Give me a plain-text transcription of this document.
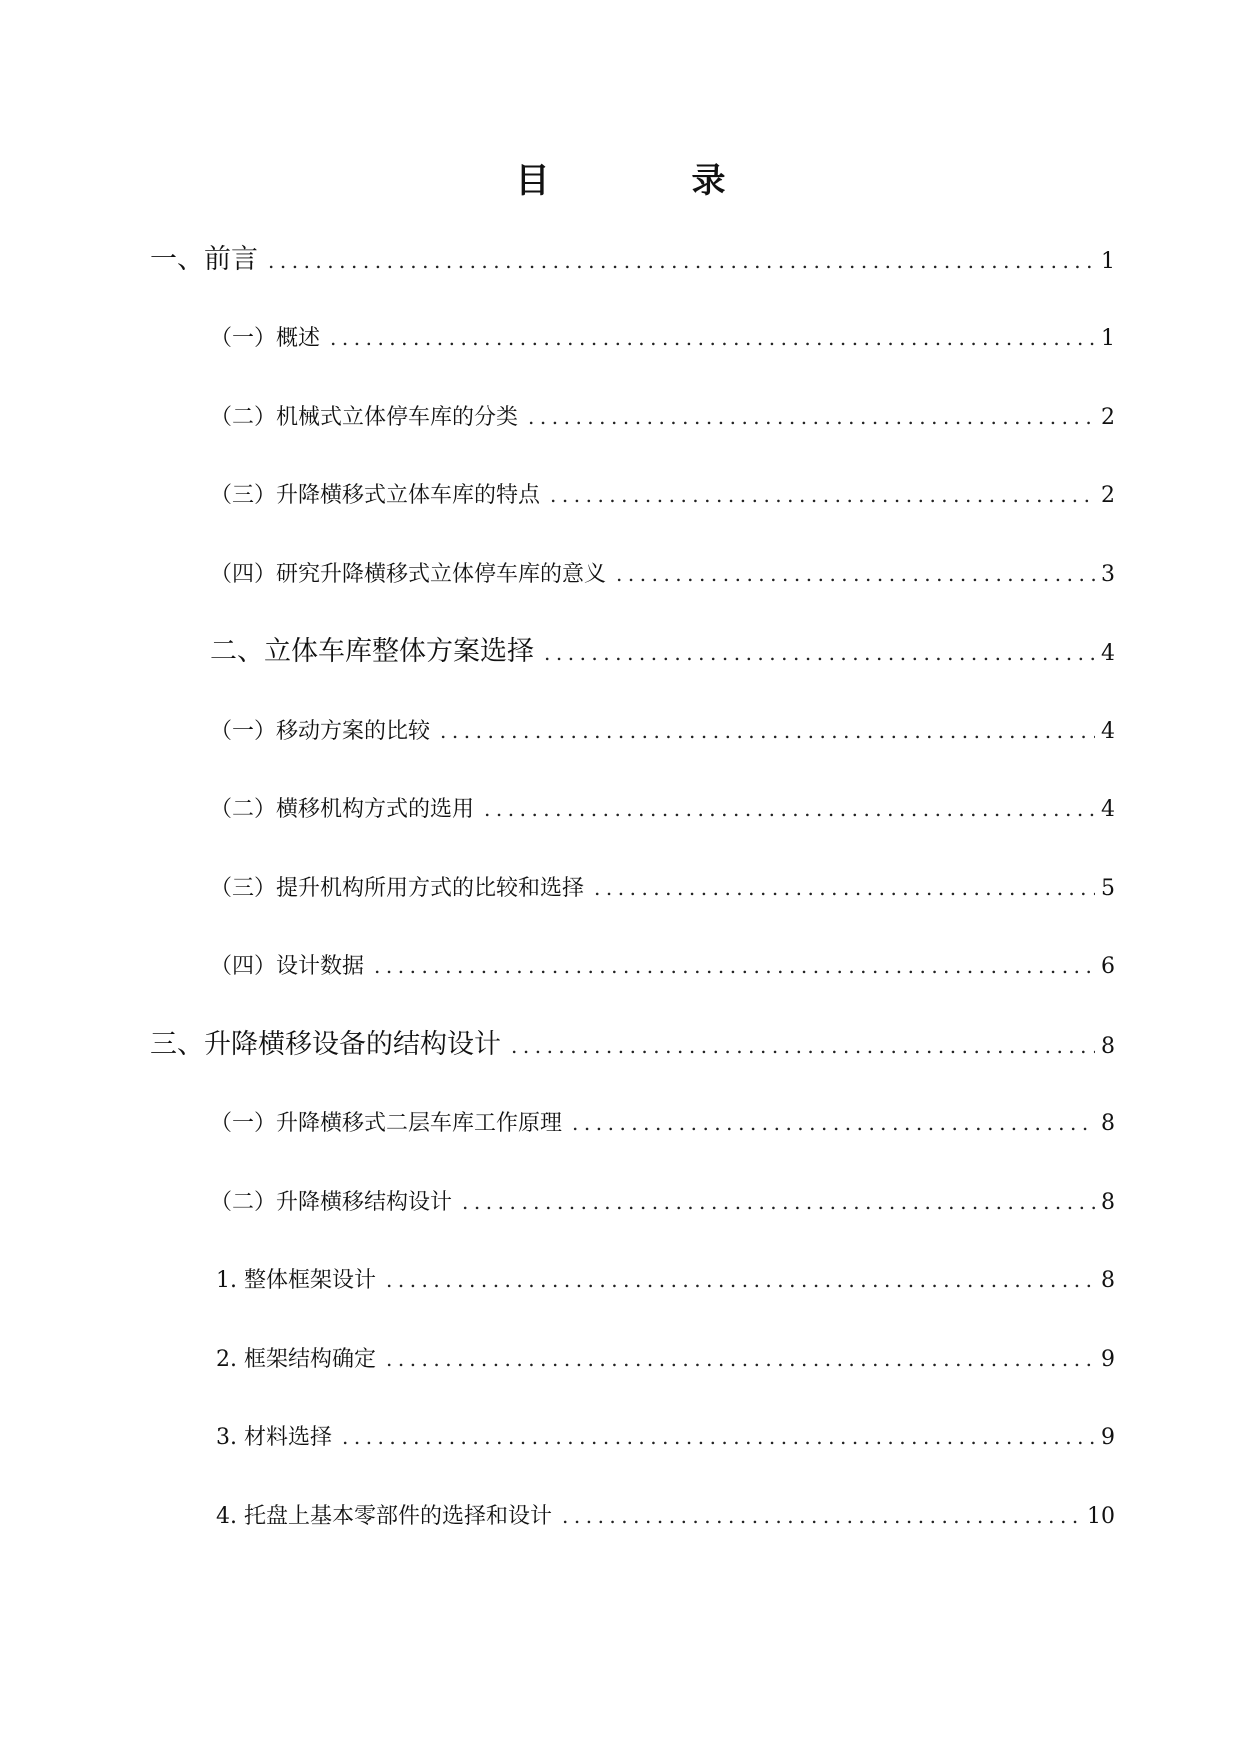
目　录
一、前言 .....	1
（一）概述 .....	1
（二）机械式立体停车库的分类 .....	2
（三）升降横移式立体车库的特点 .....	2
（四）研究升降横移式立体停车库的意义 .....	3
二、立体车库整体方案选择 .....	4
（一）移动方案的比较 .....	4
（二）横移机构方式的选用 .....	4
（三）提升机构所用方式的比较和选择 .....	5
（四）设计数据 .....	6
三、升降横移设备的结构设计 .....	8
（一）升降横移式二层车库工作原理 .....	8
（二）升降横移结构设计 .....	8
1. 整体框架设计 .....	8
2. 框架结构确定 .....	9
3. 材料选择 .....	9
4. 托盘上基本零部件的选择和设计 .....	10
